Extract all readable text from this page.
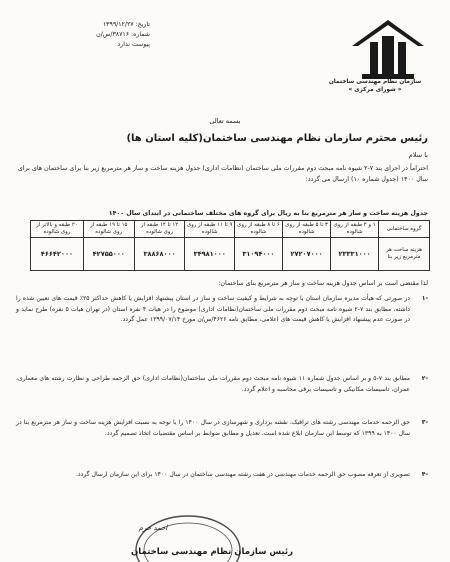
تاریخ: ۱۳۹۹/۱۲/۲۷
شماره: ۳۸۷۱۶/س/ن
پیوست ندارد
سازمان نظام مهندسی ساختمان
« شورای مرکزی »
بسمه تعالی
رئیس محترم سازمان نظام مهندسی ساختمان(کلیه استان ها)
با سلام
احتراماً در اجرای بند ۷-۲ شیوه نامه مبحث دوم مقررات ملی ساختمان (نظامات اداری) جدول هزینه ساخت و ساز هر مترمربع زیر بنا برای ساختمان های برای سال ۱۴۰۰ (جدول شماره ۱۰) ارسال می گردد:
جدول هزینه ساخت و ساز هر مترمربع بنا به ریال برای گروه های مختلف ساختمانی در ابتدای سال ۱۴۰۰
گروه ساختمانی	۱ و ۲ طبقه از روی شالوده	۳ تا ۵ طبقه از روی شالوده	۶ تا ۸ طبقه از روی شالوده	۹ تا ۱۱ طبقه از روی شالوده	۱۲ تا ۱۴ طبقه از روی شالوده	۱۵ تا ۱۹ طبقه از روی شالوده	۲۰ طبقه و بالاتر از روی شالوده
هزینه ساخت هر مترمربع زیر بنا	۲۳۳۳۱۰۰۰	۲۷۲۰۷۰۰۰	۳۱۰۹۴۰۰۰	۳۴۹۸۱۰۰۰	۳۸۸۶۸۰۰۰	۴۲۷۵۵۰۰۰	۴۶۶۴۲۰۰۰
لذا مقتضی است بر اساس جدول هزینه ساخت و ساز هر مترمربع بنای ساختمان:
-۱
در صورتی که هیأت مدیره سازمان استان با توجه به شرایط و کیفیت ساخت و ساز در استان پیشنهاد افزایش یا کاهش حداکثر ۲۵٪ قیمت های تعیین شده را داشته، مطابق بند ۷-۲ شیوه نامه مبحث دوم مقررات ملی ساختمان(نظامات اداری) موضوع را در هیات ۴ نفره استان (در تهران هیات ۵ نفره) طرح نماید و در صورت عدم پیشنهاد افزایش یا کاهش قیمت های اعلامی، مطابق نامه ۴۶۲۶/س/ن مورخ ۱۳۹۹/۰۷/۱۴ عمل گردد.
-۲
مطابق بند ۷-۵ و بر اساس جدول شماره ۱۱ شیوه نامه مبحث دوم مقررات ملی ساختمان(نظامات اداری) حق الزحمه طراحی و نظارت رشته های معماری، عمران، تاسیسات مکانیکی و تاسیسات برقی محاسبه و اعلام گردد.
-۳
حق الزحمه خدمات مهندسی رشته های ترافیک، نقشه برداری و شهرسازی در سال ۱۴۰۰ را با توجه به نسبت افزایش هزینه ساخت و ساز هر مترمربع بنا در سال ۱۴۰۰ به ۱۳۹۹ که توسط این سازمان ابلاغ شده است، تعدیل و مطابق ضوابط بر اساس مقتضیات اتخاذ تصمیم گردد.
-۴
تصویری از تعرفه مصوب حق الزحمه خدمات مهندسی در هفت رشته مهندسی ساختمان در سال ۱۴۰۰ برای این سازمان ارسال گردد.
احمد خرم
رئیس سازمان نظام مهندسی ساختمان
